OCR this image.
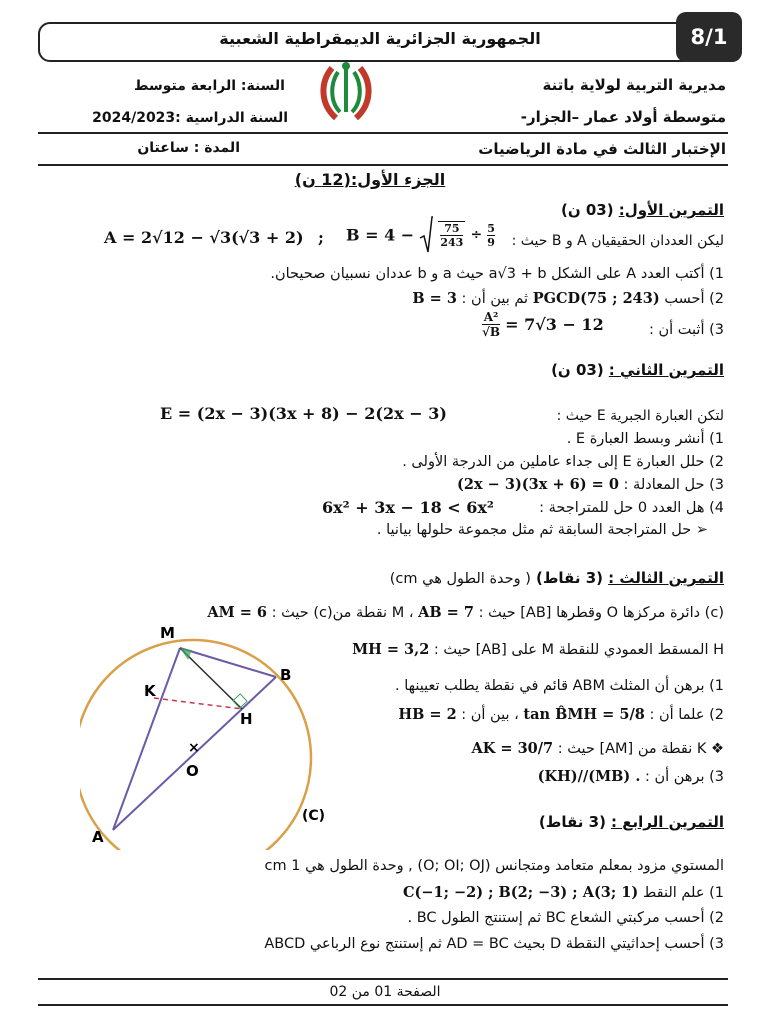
الجمهورية الجزائرية الديمقراطية الشعبية	8/1
مديرية التربية لولاية باتنة
متوسطة أولاد عمار –الجزار-
الإختبار الثالث في مادة الرياضيات
السنة: الرابعة متوسط
السنة الدراسية :2024/2023
المدة : ساعتان
الجزء الأول:(12 ن)
التمرين الأول: (03 ن)
ليكن العددان الحقيقيان A و B حيث :
A = 2√12 − √3(√3 + 2) ; $B = 4 - \frac{75}{243} \div \frac{5}{9}$
1) أكتب العدد A على الشكل a√3 + b حيث a و b عددان نسبيان صحيحان.
2) أحسب PGCD(75 ; 243) ثم بين أن : B = 3
3) أثبت أن :
$\frac{\text{A²}}{√B} = 7√3 - 12$
التمرين الثاني : (03 ن)
لتكن العبارة الجبرية E حيث :
E = (2x − 3)(3x + 8) − 2(2x − 3)
1) أنشر وبسط العبارة E .
2) حلل العبارة E إلى جداء عاملين من الدرجة الأولى .
3) حل المعادلة : (2x − 3)(3x + 6) = 0
4) هل العدد 0 حل للمتراجحة :
6x² + 3x − 18 < 6x²
➢ حل المتراجحة السابقة ثم مثل مجموعة حلولها بيانيا .
التمرين الثالث : (3 نقاط) ( وحدة الطول هي cm)
(c) دائرة مركزها O وقطرها [AB] حيث : AB = 7 ، M نقطة من(c) حيث : AM = 6
H المسقط العمودي للنقطة M على [AB] حيث : MH = 3,2
1) برهن أن المثلث ABM قائم في نقطة يطلب تعيينها .
2) علما أن : tan B̂MH = 5/8 ، بين أن : HB = 2
❖ K نقطة من [AM] حيث : AK = 30/7
3) برهن أن : (KH)//(MB) .
×
M
B
K
H
O
A
(C)	التمرين الرابع : (3 نقاط)
المستوي مزود بمعلم متعامد ومتجانس (O; OI; OJ) , وحدة الطول هي 1 cm
1) علم النقط C(−1; −2) ; B(2; −3) ; A(3; 1)
2) أحسب مركبتي الشعاع BC ثم إستنتج الطول BC .
3) أحسب إحداثيتي النقطة D بحيث AD = BC ثم إستنتج نوع الرباعي ABCD
الصفحة 01 من 02
